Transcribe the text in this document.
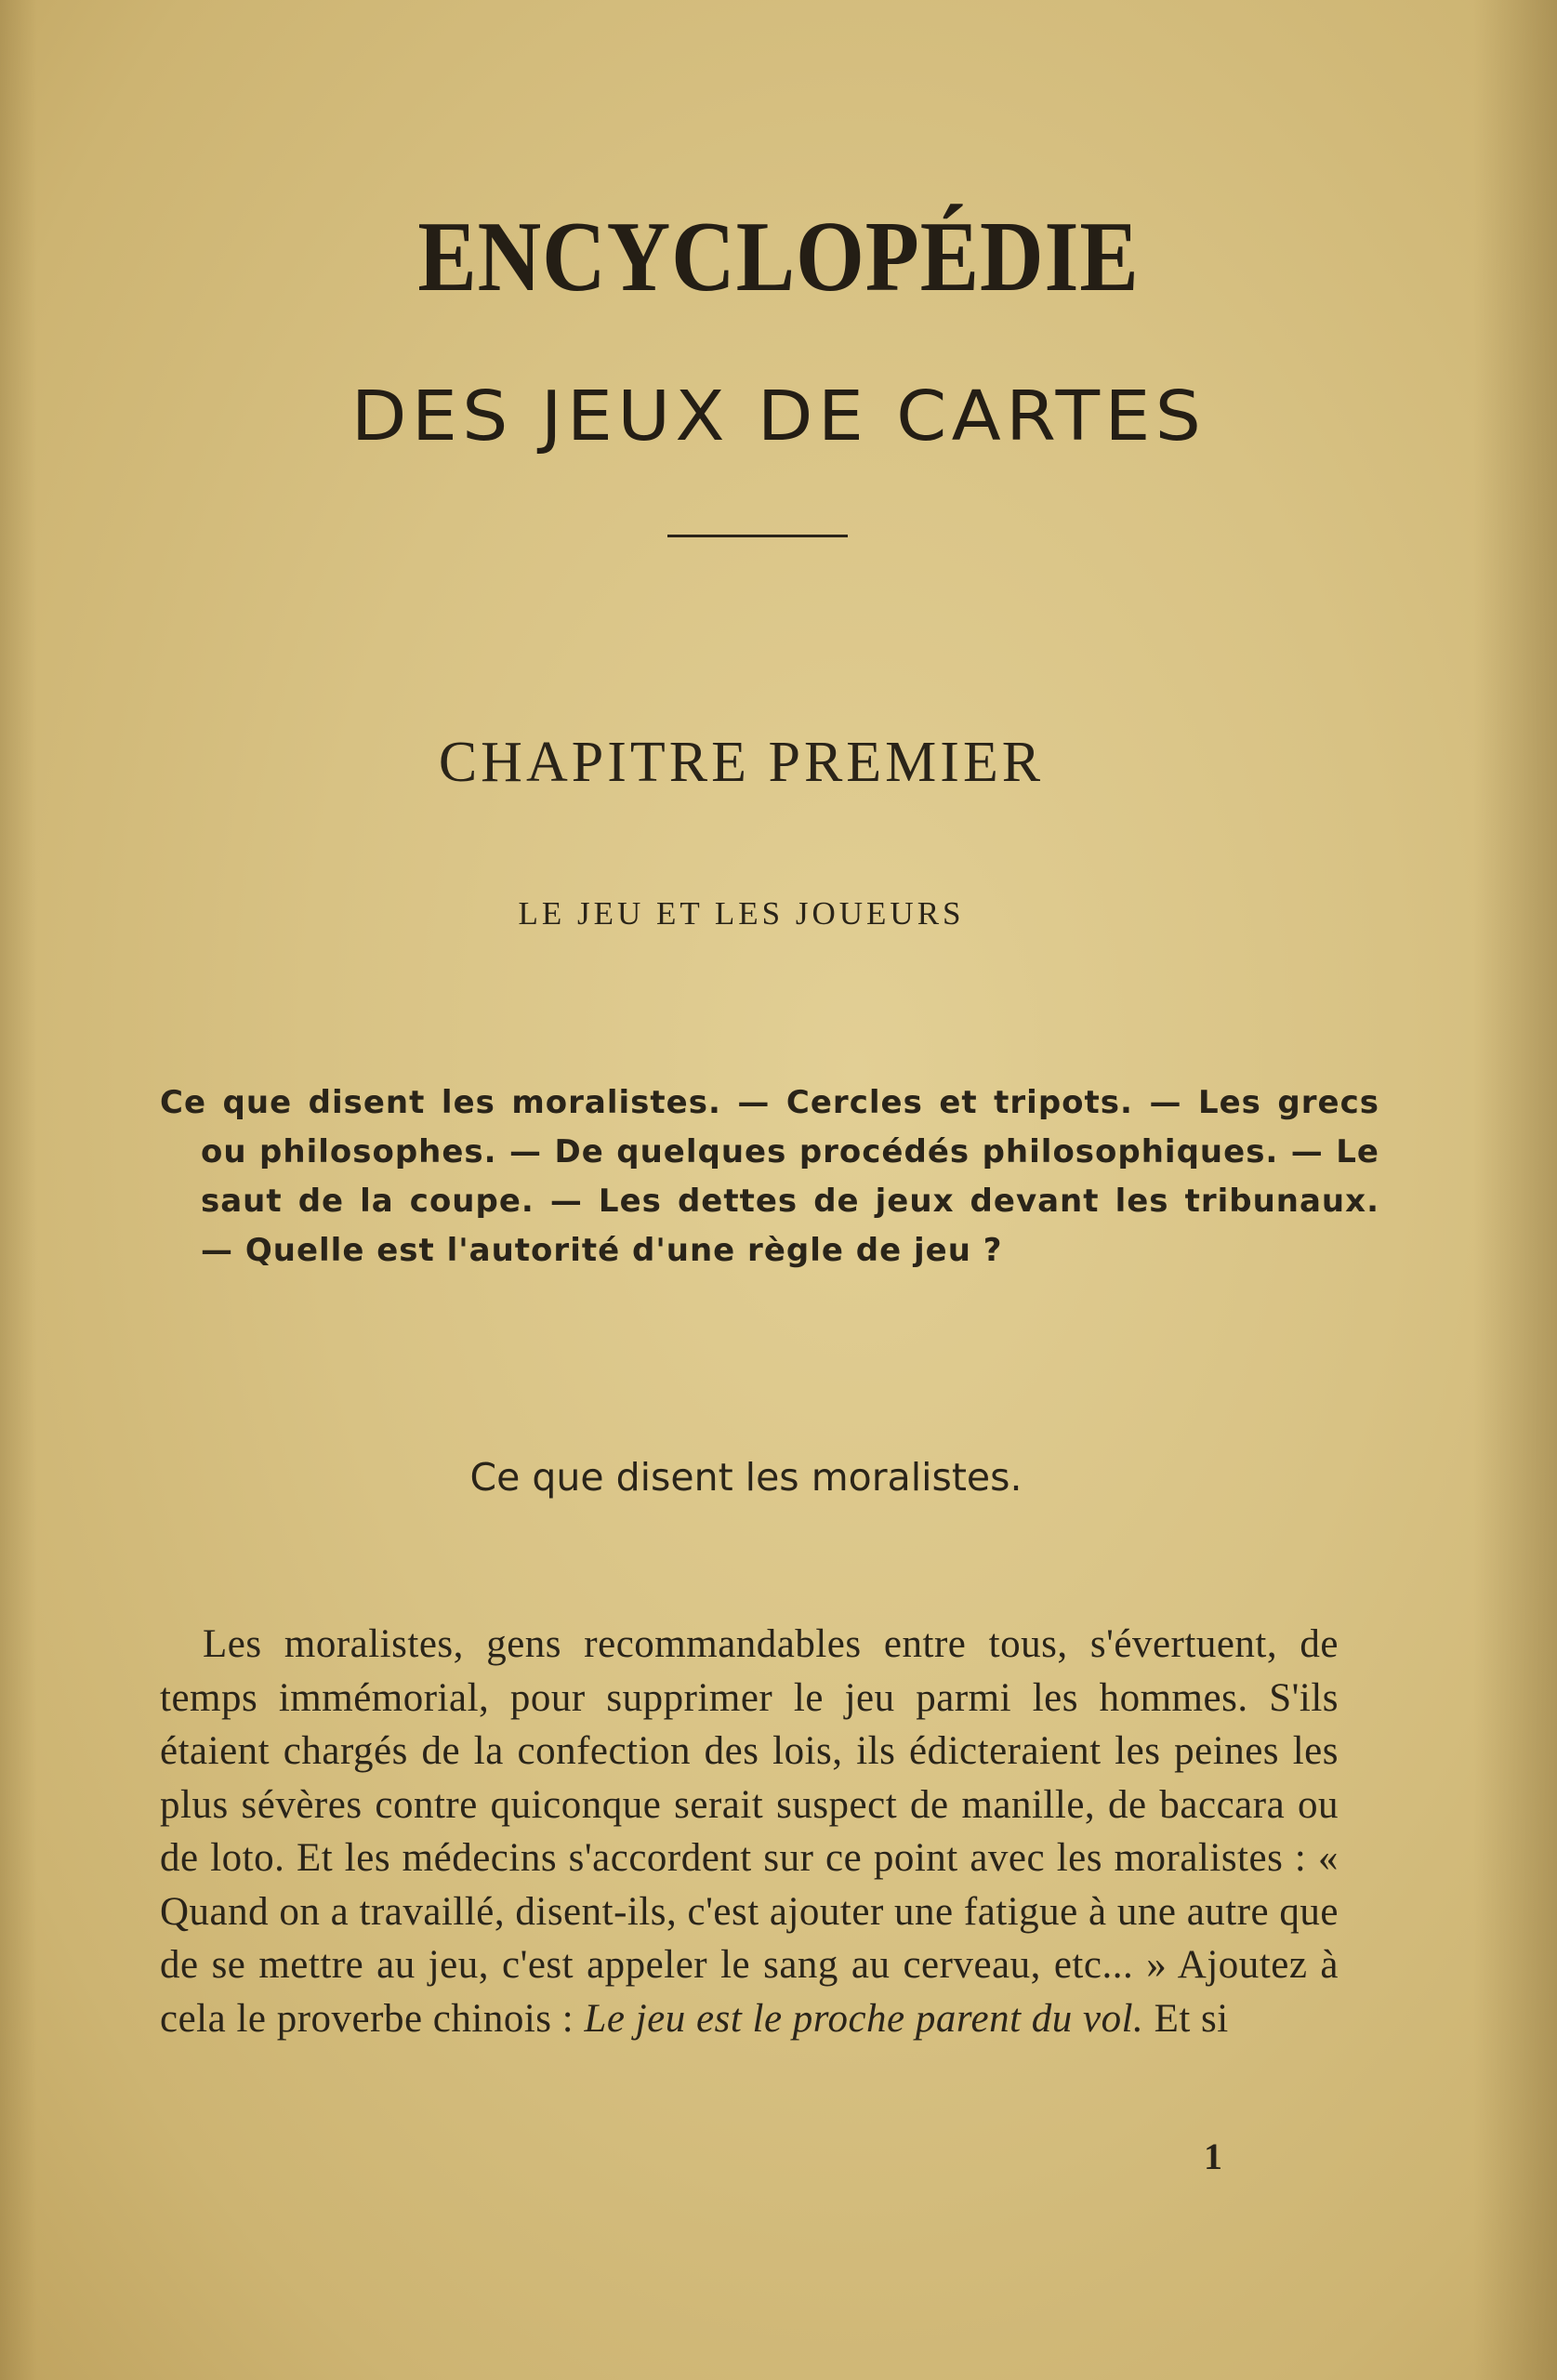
ENCYCLOPÉDIE
DES JEUX DE CARTES
CHAPITRE PREMIER
LE JEU ET LES JOUEURS
Ce que disent les moralistes. — Cercles et tripots. — Les grecs ou philosophes. — De quelques procédés philosophiques. — Le saut de la coupe. — Les dettes de jeux devant les tribunaux. — Quelle est l'autorité d'une règle de jeu ?
Ce que disent les moralistes.

Les moralistes, gens recommandables entre tous, s'évertuent, de temps immémorial, pour supprimer le jeu parmi les hommes. S'ils étaient chargés de la confection des lois, ils édicteraient les peines les plus sévères contre quiconque serait suspect de manille, de baccara ou de loto. Et les médecins s'accordent sur ce point avec les moralistes : « Quand on a travaillé, disent-ils, c'est ajouter une fatigue à une autre que de se mettre au jeu, c'est appeler le sang au cerveau, etc... » Ajoutez à cela le proverbe chinois : Le jeu est le proche parent du vol. Et si

1
